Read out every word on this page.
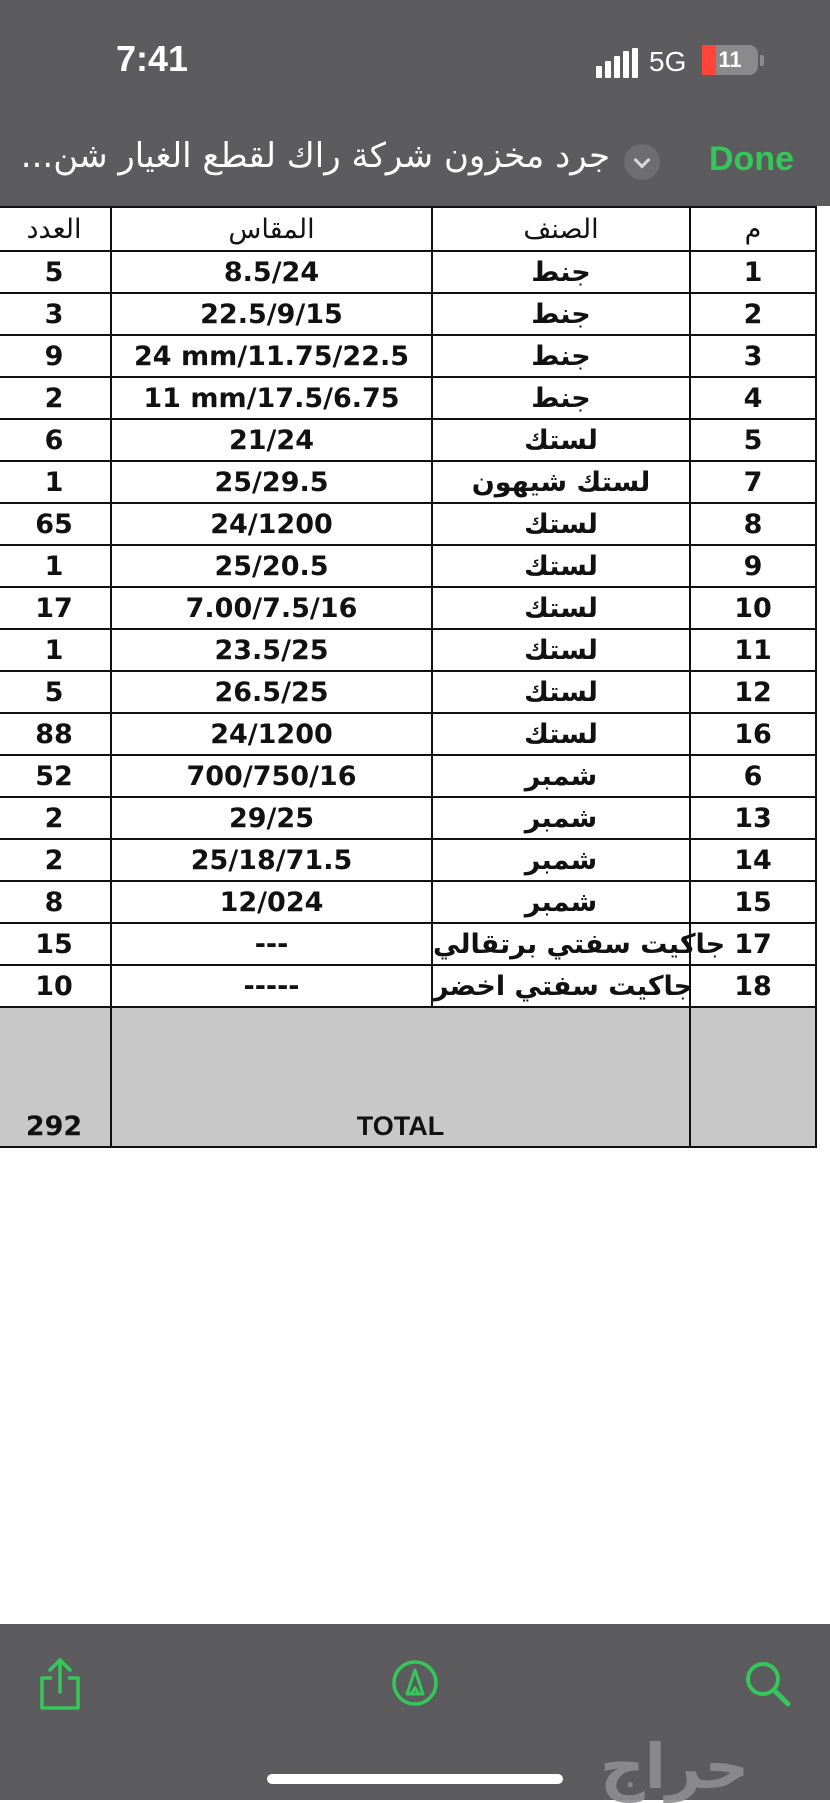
7:41	5G	11
جرد مخزون شركة راك لقطع الغيار شن...	Done
العدد	المقاس	الصنف	م
5	8.5/24	جنط	1
3	22.5/9/15	جنط	2
9	24 mm/11.75/22.5	جنط	3
2	11 mm/17.5/6.75	جنط	4
6	21/24	لستك	5
1	25/29.5	لستك شيهون	7
65	24/1200	لستك	8
1	25/20.5	لستك	9
17	7.00/7.5/16	لستك	10
1	23.5/25	لستك	11
5	26.5/25	لستك	12
88	24/1200	لستك	16
52	700/750/16	شمبر	6
2	29/25	شمبر	13
2	25/18/71.5	شمبر	14
8	12/024	شمبر	15
15	---	جاكيت سفتي برتقالي	17
10	-----	جاكيت سفتي اخضر	18
292	TOTAL		
حراج
